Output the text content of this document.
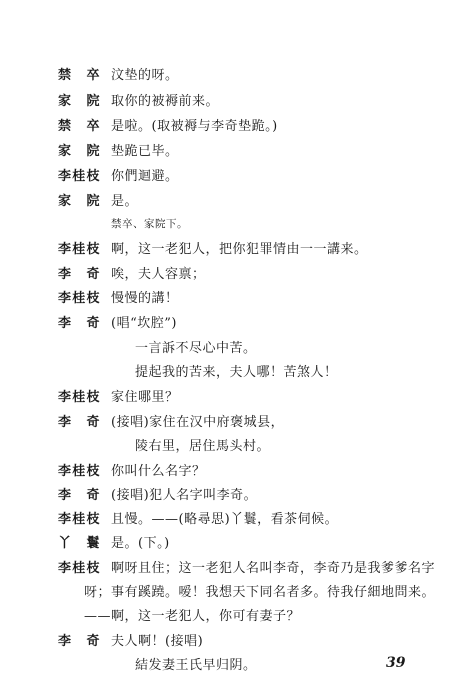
禁　卒 汶垫的呀。
家　院 取你的被褥前来。
禁　卒 是啦。(取被褥与李奇垫跪。)
家　院 垫跪已毕。
李桂枝 你們迴避。
家　院 是。
禁卒、家院下。
李桂枝 啊，这一老犯人，把你犯罪情由一一講来。
李　奇 唉，夫人容禀；
李桂枝 慢慢的講！
李　奇 (唱“坎腔”)
一言訴不尽心中苦。
提起我的苦来，夫人哪！苦煞人！
李桂枝 家住哪里？
李　奇 (接唱)家住在汉中府褒城县，
陵右里，居住馬头村。
李桂枝 你叫什么名字？
李　奇 (接唱)犯人名字叫李奇。
李桂枝 且慢。——(略尋思)丫鬟，看茶伺候。
丫　鬟 是。(下。)
李桂枝 啊呀且住；这一老犯人名叫李奇，李奇乃是我爹爹名字
呀；事有蹊蹺。嗳！我想天下同名者多。待我仔細地問来。
——啊，这一老犯人，你可有妻子？
李　奇 夫人啊！(接唱)
結发妻王氏早归阴。	39
